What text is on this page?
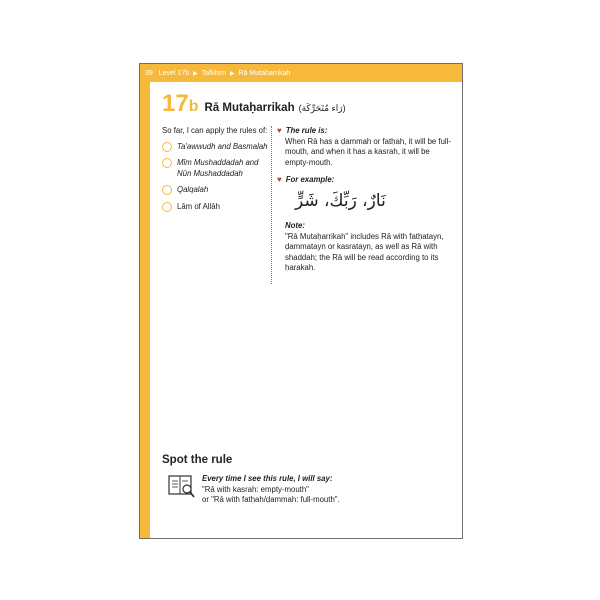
39 Level 17b ▶ Tafkhim ▶ Rā Mutaḥarrikah
17 b Rā Mutaḥarrikah (رَاء مُتَحَرِّكَة)
So far, I can apply the rules of:
Ta'awwudh and Basmalah
Mīm Mushaddadah and Nūn Mushaddadah
Qalqalah
Lām of Allāh
♥ The rule is:
When Rā has a ḍammah or fatḥah, it will be full-mouth, and when it has a kasrah, it will be empty-mouth.
♥ For example:
نَارٌ، رَبِّكَ، شَرٍّ
Note:
"Rā Mutaḥarrikah" includes Rā with fatḥatayn, ḍammatayn or kasratayn, as well as Rā with shaddah; the Rā will be read according to its ḥarakah.
Spot the rule
Every time I see this rule, I will say:
"Rā with kasrah: empty-mouth"
or "Rā with fatḥah/ḍammah: full-mouth".
